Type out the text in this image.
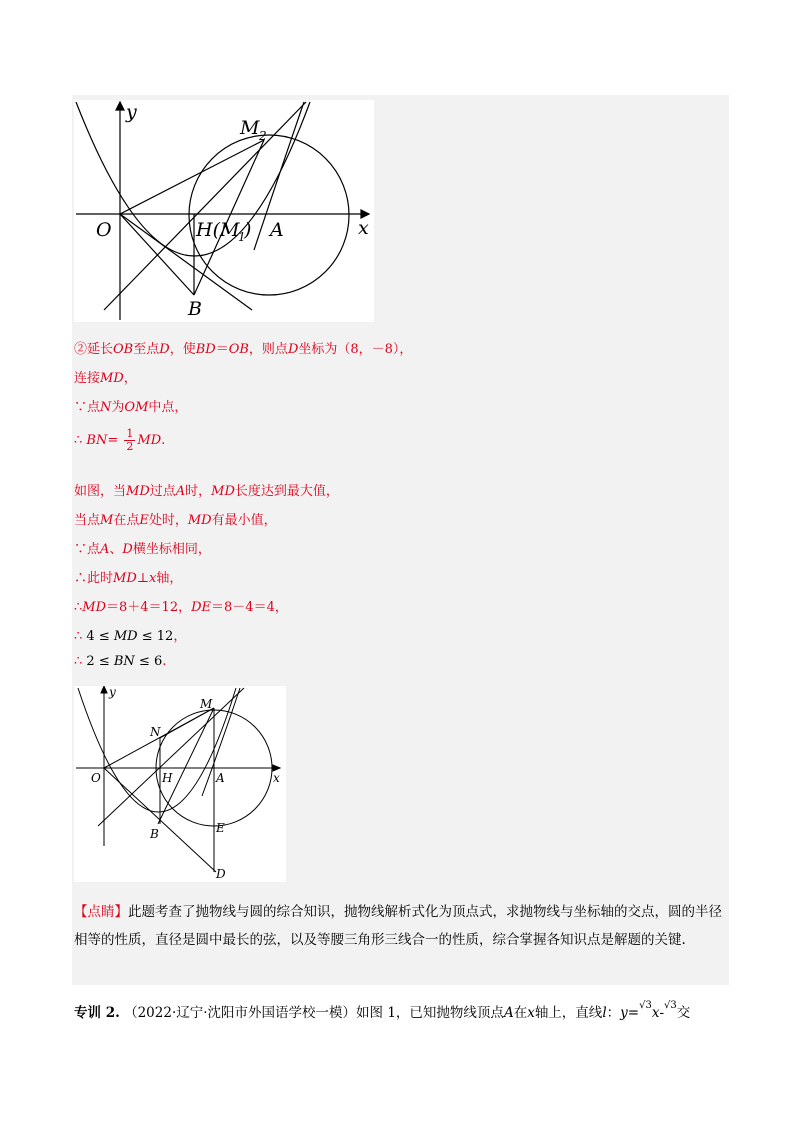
y
x
O
M 2
H(M
1
) A
B
②延长OB至点D，使BD＝OB，则点D坐标为（8，－8），
连接MD，
∵点N为OM中点，
∴ $BN= \frac{1}{2}$ MD.
如图，当MD过点A时，MD长度达到最大值，
当点M在点E处时，MD有最小值，
∵点A、D横坐标相同，
∴此时MD⊥x轴，
∴MD＝8＋4＝12，DE＝8－4＝4，
∴ 4 ≤ MD ≤ 12，
∴ 2 ≤ BN ≤ 6.
y
x
O
M
N
H	A
B	E
D
【点睛】此题考查了抛物线与圆的综合知识，抛物线解析式化为顶点式，求抛物线与坐标轴的交点，圆的半径相等的性质，直径是圆中最长的弦，以及等腰三角形三线合一的性质，综合掌握各知识点是解题的关键.
专训 2. （2022·辽宁·沈阳市外国语学校一模）如图 1，已知抛物线顶点A在x轴上，直线l：y=√3x-√3交
